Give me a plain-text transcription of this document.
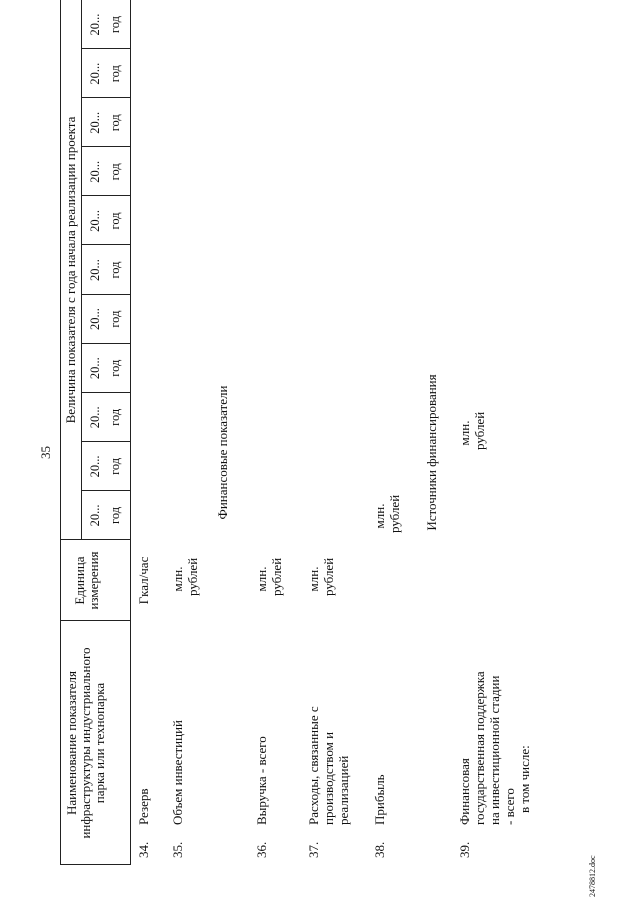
35
Наименование показателя инфраструктуры индустриального парка или технопарка
Единица измерения
Величина показателя с года начала реализации проекта
20... год
20... год
20... год
20... год
20... год
20... год
20... год
20... год
20... год
20... год
20... год
34.
Резерв
Гкал/час
35.
Объем инвестиций
млн. рублей
Финансовые показатели
36.
Выручка - всего
млн. рублей
37.
Расходы, связанные с производством и реализацией
млн. рублей
38.
Прибыль
млн. рублей Источники финансирования
39.
Финансовая государственная поддержка на инвестиционной стадии - всего
в том числе:
млн. рублей
2478812.doc
